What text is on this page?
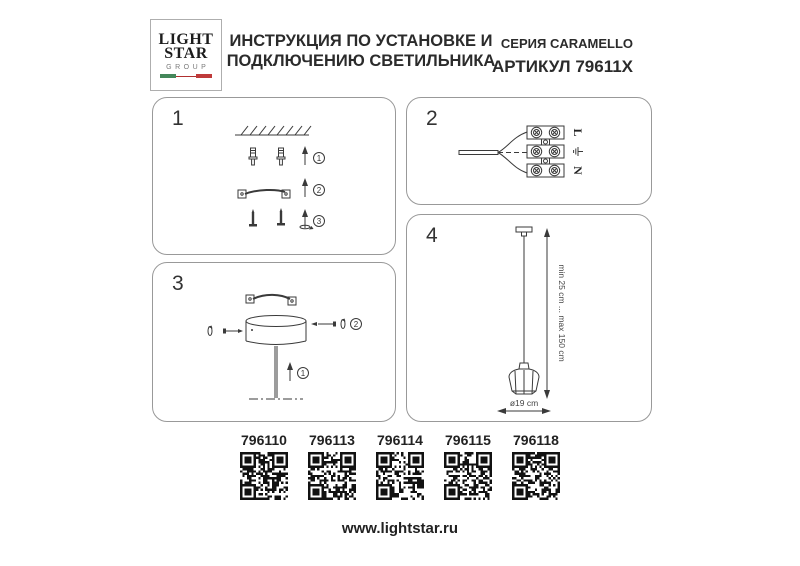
LIGHT
STAR
GROUP
ИНСТРУКЦИЯ ПО УСТАНОВКЕ И
ПОДКЛЮЧЕНИЮ СВЕТИЛЬНИКА
СЕРИЯ CARAMELLO
АРТИКУЛ 79611X
1
1
2
3
2
L
N
3
2
1
4
min 25 cm ... max 150 cm
ø19 cm
796110	796113	796114	796115	796118
www.lightstar.ru
